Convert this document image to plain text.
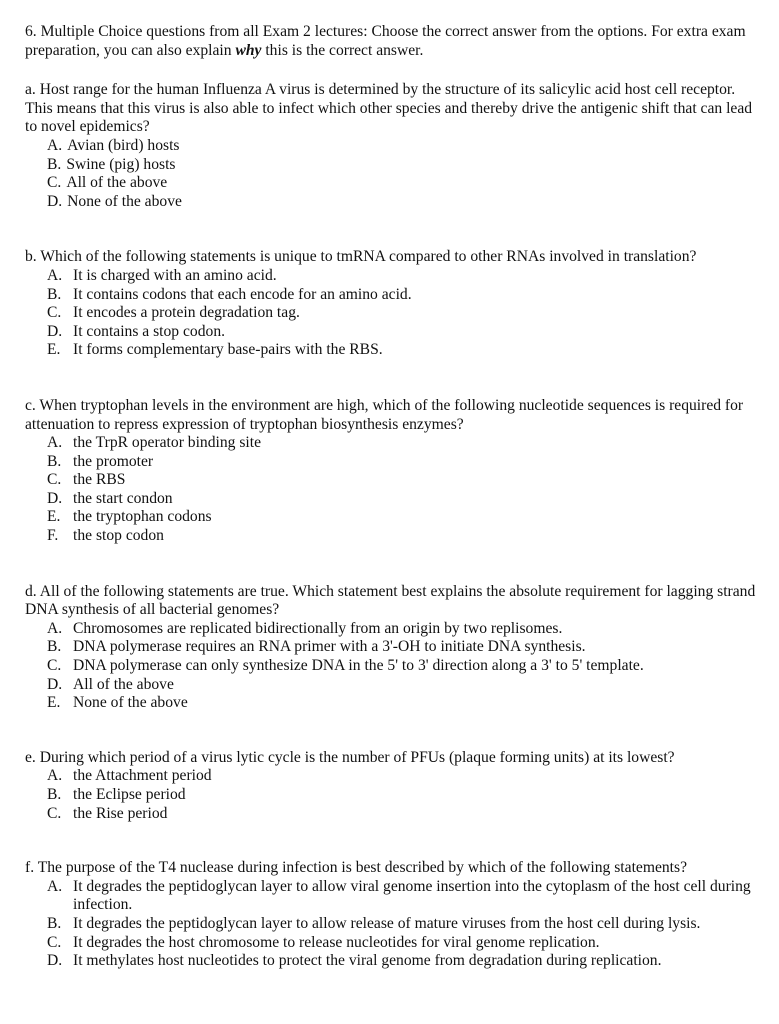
6. Multiple Choice questions from all Exam 2 lectures: Choose the correct answer from the options. For extra exam preparation, you can also explain why this is the correct answer.

a. Host range for the human Influenza A virus is determined by the structure of its salicylic acid host cell receptor. This means that this virus is also able to infect which other species and thereby drive the antigenic shift that can lead to novel epidemics?

A. Avian (bird) hosts
B. Swine (pig) hosts
C. All of the above
D. None of the above

b. Which of the following statements is unique to tmRNA compared to other RNAs involved in translation?

A. It is charged with an amino acid.
B. It contains codons that each encode for an amino acid.
C. It encodes a protein degradation tag.
D. It contains a stop codon.
E. It forms complementary base-pairs with the RBS.

c. When tryptophan levels in the environment are high, which of the following nucleotide sequences is required for attenuation to repress expression of tryptophan biosynthesis enzymes?

A. the TrpR operator binding site
B. the promoter
C. the RBS
D. the start condon
E. the tryptophan codons
F. the stop codon

d. All of the following statements are true. Which statement best explains the absolute requirement for lagging strand DNA synthesis of all bacterial genomes?

A. Chromosomes are replicated bidirectionally from an origin by two replisomes.
B. DNA polymerase requires an RNA primer with a 3'-OH to initiate DNA synthesis.
C. DNA polymerase can only synthesize DNA in the 5' to 3' direction along a 3' to 5' template.
D. All of the above
E. None of the above

e. During which period of a virus lytic cycle is the number of PFUs (plaque forming units) at its lowest?

A. the Attachment period
B. the Eclipse period
C. the Rise period

f. The purpose of the T4 nuclease during infection is best described by which of the following statements?

A. It degrades the peptidoglycan layer to allow viral genome insertion into the cytoplasm of the host cell during infection.
B. It degrades the peptidoglycan layer to allow release of mature viruses from the host cell during lysis.
C. It degrades the host chromosome to release nucleotides for viral genome replication.
D. It methylates host nucleotides to protect the viral genome from degradation during replication.
